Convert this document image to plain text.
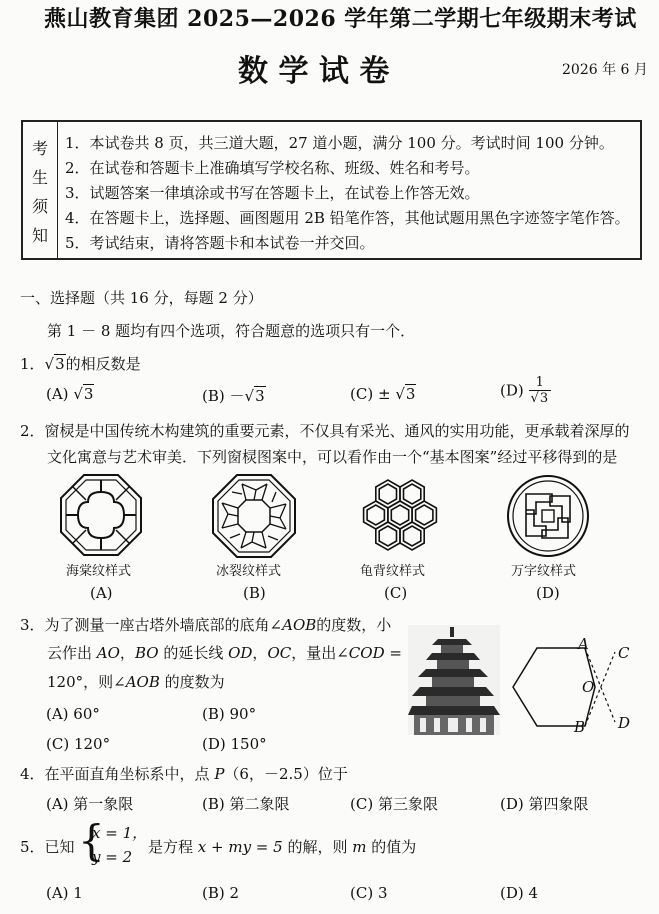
燕山教育集团 2025—2026 学年第二学期七年级期末考试
数 学 试 卷	2026 年 6 月
考
生
须
知
1．本试卷共 8 页，共三道大题，27 道小题，满分 100 分。考试时间 100 分钟。
2．在试卷和答题卡上准确填写学校名称、班级、姓名和考号。
3．试题答案一律填涂或书写在答题卡上，在试卷上作答无效。
4．在答题卡上，选择题、画图题用 2B 铅笔作答，其他试题用黑色字迹签字笔作答。
5．考试结束，请将答题卡和本试卷一并交回。
一、选择题（共 16 分，每题 2 分）
第 1 － 8 题均有四个选项，符合题意的选项只有一个．
1．√3的相反数是
(A) √3	(B) －√3	(C) ± √3	$(D) \frac{1}{√3}$
2．窗棂是中国传统木构建筑的重要元素，不仅具有采光、通风的实用功能，更承载着深厚的
文化寓意与艺术审美．下列窗棂图案中，可以看作由一个“基本图案”经过平移得到的是
海棠纹样式	冰裂纹样式	龟背纹样式	万字纹样式
(A)	(B)	(C)	(D)
3．为了测量一座古塔外墙底部的底角∠AOB的度数，小
云作出 AO，BO 的延长线 OD，OC，量出∠COD =
120°，则∠AOB 的度数为
(A) 60°	(B) 90°
(C) 120°	(D) 150°
A C
O
B D
4．在平面直角坐标系中，点 P（6，－2.5）位于
(A) 第一象限	(B) 第二象限	(C) 第三象限	(D) 第四象限
5．已知 {
x = 1，
y = 2
是方程 x + my = 5 的解，则 m 的值为
(A) 1	(B) 2	(C) 3	(D) 4
